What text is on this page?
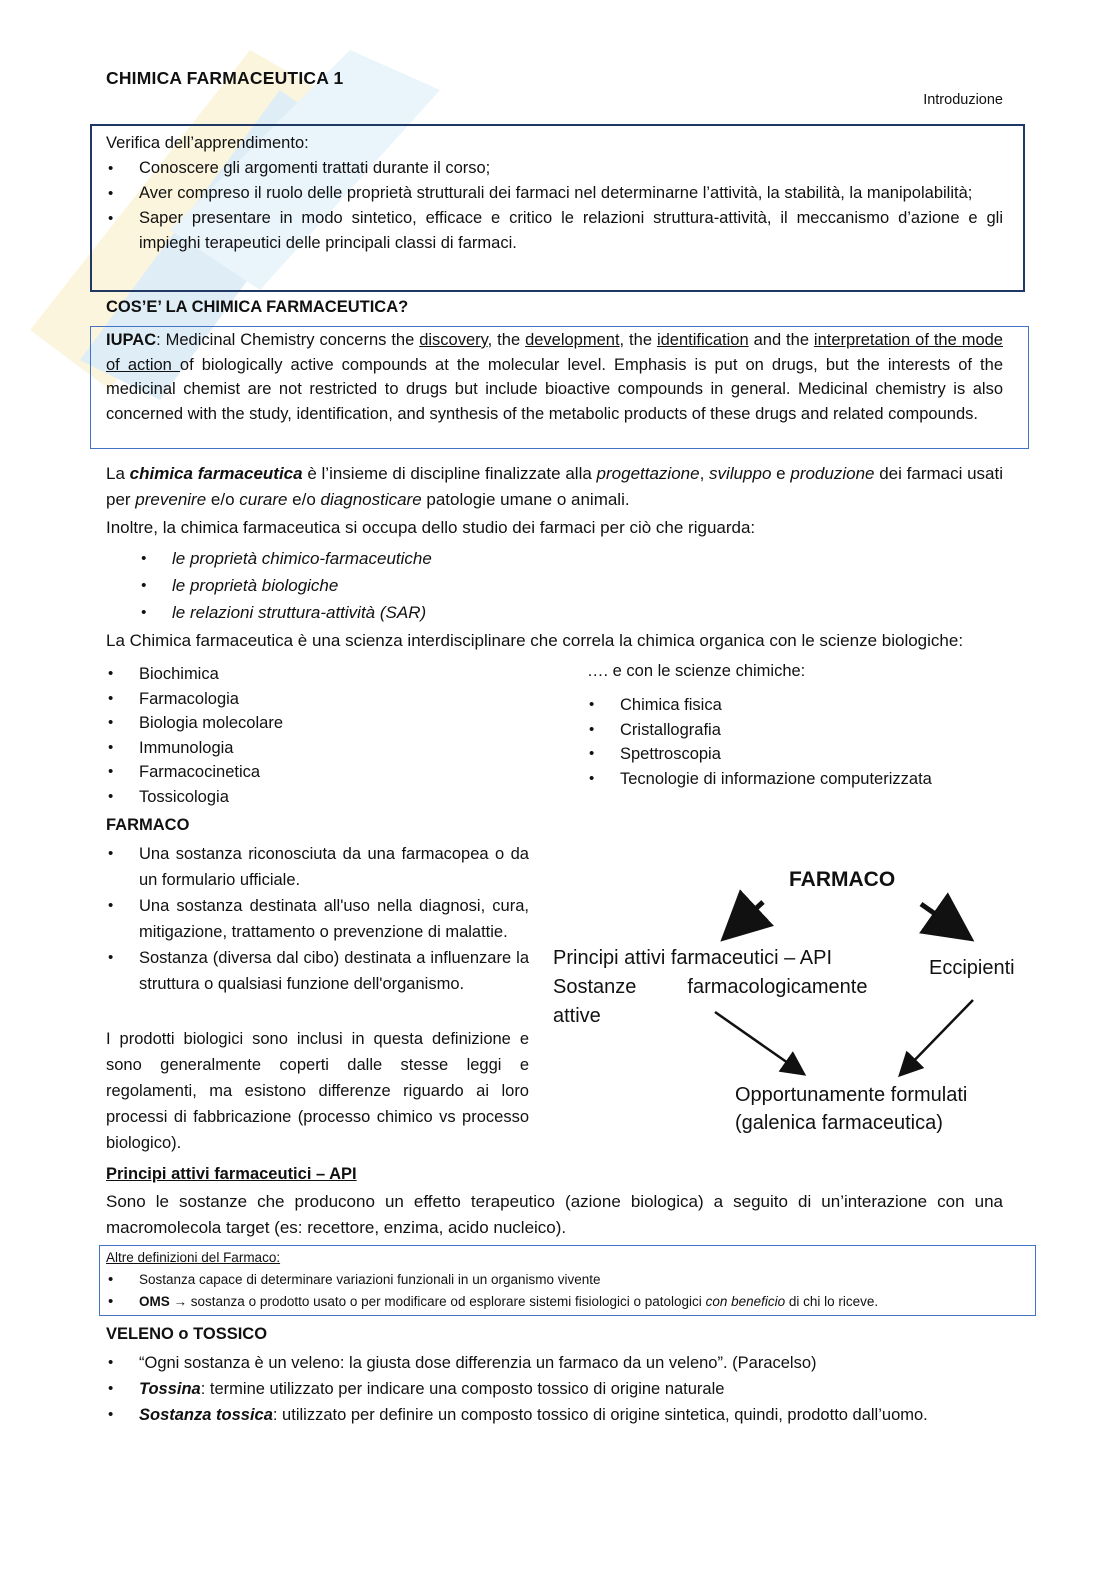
CHIMICA FARMACEUTICA 1
Introduzione
Verifica dell’apprendimento:
• Conoscere gli argomenti trattati durante il corso;
• Aver compreso il ruolo delle proprietà strutturali dei farmaci nel determinarne l’attività, la stabilità, la manipolabilità;
• Saper presentare in modo sintetico, efficace e critico le relazioni struttura-attività, il meccanismo d’azione e gli impieghi terapeutici delle principali classi di farmaci.
COS’E’ LA CHIMICA FARMACEUTICA?
IUPAC: Medicinal Chemistry concerns the discovery, the development, the identification and the interpretation of the mode of action of biologically active compounds at the molecular level. Emphasis is put on drugs, but the interests of the medicinal chemist are not restricted to drugs but include bioactive compounds in general. Medicinal chemistry is also concerned with the study, identification, and synthesis of the metabolic products of these drugs and related compounds.
La chimica farmaceutica è l’insieme di discipline finalizzate alla progettazione, sviluppo e produzione dei farmaci usati per prevenire e/o curare e/o diagnosticare patologie umane o animali.
Inoltre, la chimica farmaceutica si occupa dello studio dei farmaci per ciò che riguarda:
• le proprietà chimico-farmaceutiche
• le proprietà biologiche
• le relazioni struttura-attività (SAR)
La Chimica farmaceutica è una scienza interdisciplinare che correla la chimica organica con le scienze biologiche:
• Biochimica
• Farmacologia
• Biologia molecolare
• Immunologia
• Farmacocinetica
• Tossicologia
…. e con le scienze chimiche:
• Chimica fisica
• Cristallografia
• Spettroscopia
• Tecnologie di informazione computerizzata
FARMACO
• Una sostanza riconosciuta da una farmacopea o da un formulario ufficiale.
• Una sostanza destinata all'uso nella diagnosi, cura, mitigazione, trattamento o prevenzione di malattie.
• Sostanza (diversa dal cibo) destinata a influenzare la struttura o qualsiasi funzione dell'organismo.
I prodotti biologici sono inclusi in questa definizione e sono generalmente coperti dalle stesse leggi e regolamenti, ma esistono differenze riguardo ai loro processi di fabbricazione (processo chimico vs processo biologico).
FARMACO
Principi attivi farmaceutici – API
Sostanze	farmacologicamente
attive
Eccipienti
Opportunamente formulati
(galenica farmaceutica)
Principi attivi farmaceutici – API
Sono le sostanze che producono un effetto terapeutico (azione biologica) a seguito di un’interazione con una macromolecola target (es: recettore, enzima, acido nucleico).
Altre definizioni del Farmaco:
• Sostanza capace di determinare variazioni funzionali in un organismo vivente
• OMS → sostanza o prodotto usato o per modificare od esplorare sistemi fisiologici o patologici con beneficio di chi lo riceve.
VELENO o TOSSICO
• “Ogni sostanza è un veleno: la giusta dose differenzia un farmaco da un veleno”. (Paracelso)
• Tossina: termine utilizzato per indicare una composto tossico di origine naturale
• Sostanza tossica: utilizzato per definire un composto tossico di origine sintetica, quindi, prodotto dall’uomo.
